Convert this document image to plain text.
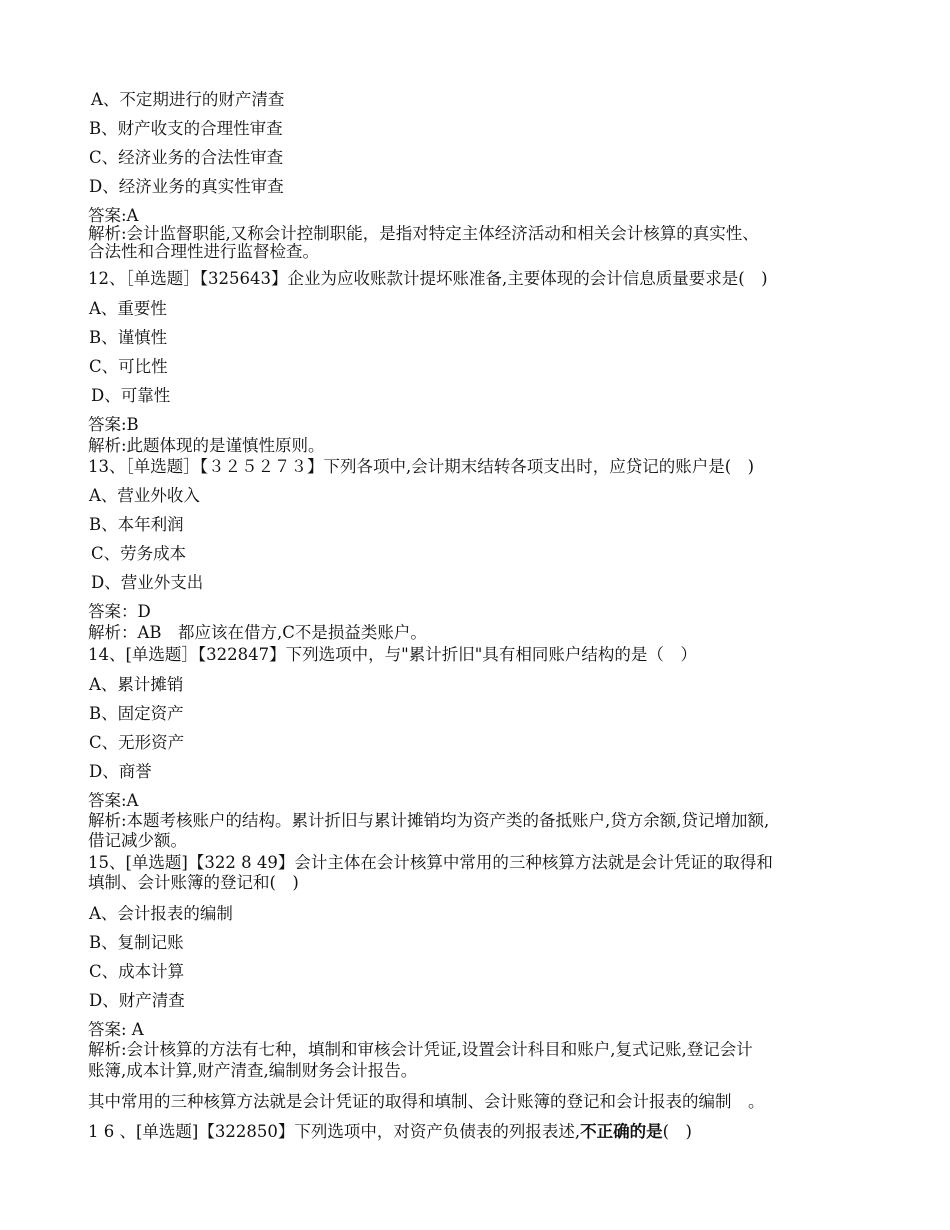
A、不定期进行的财产清查
B、财产收支的合理性审查
C、经济业务的合法性审查
D、经济业务的真实性审查
答案:A
解析:会计监督职能,又称会计控制职能，是指对特定主体经济活动和相关会计核算的真实性、
合法性和合理性进行监督检查。
12、［单选题］【325643】企业为应收账款计提坏账准备,主要体现的会计信息质量要求是(　)
A、重要性
B、谨慎性
C、可比性
D、可靠性
答案:B
解析:此题体现的是谨慎性原则。
13、［单选题］【３２５２７３】下列各项中,会计期末结转各项支出时，应贷记的账户是(　)
A、营业外收入
B、本年利润
C、劳务成本
D、营业外支出
答案：D
解析：AB　都应该在借方,C不是损益类账户。
14、[单选题］【322847】下列选项中，与"累计折旧"具有相同账户结构的是（　）
A、累计摊销
B、固定资产
C、无形资产
D、商誉
答案:A
解析:本题考核账户的结构。累计折旧与累计摊销均为资产类的备抵账户,贷方余额,贷记增加额,
借记减少额。
15、[单选题]【322 8 49】会计主体在会计核算中常用的三种核算方法就是会计凭证的取得和
填制、会计账簿的登记和(　)
A、会计报表的编制
B、复制记账
C、成本计算
D、财产清查
答案: A
解析:会计核算的方法有七种，填制和审核会计凭证,设置会计科目和账户,复式记账,登记会计
账簿,成本计算,财产清查,编制财务会计报告。
其中常用的三种核算方法就是会计凭证的取得和填制、会计账簿的登记和会计报表的编制　。
1 6 、[单选题]【322850】下列选项中，对资产负债表的列报表述,不正确的是(　)
